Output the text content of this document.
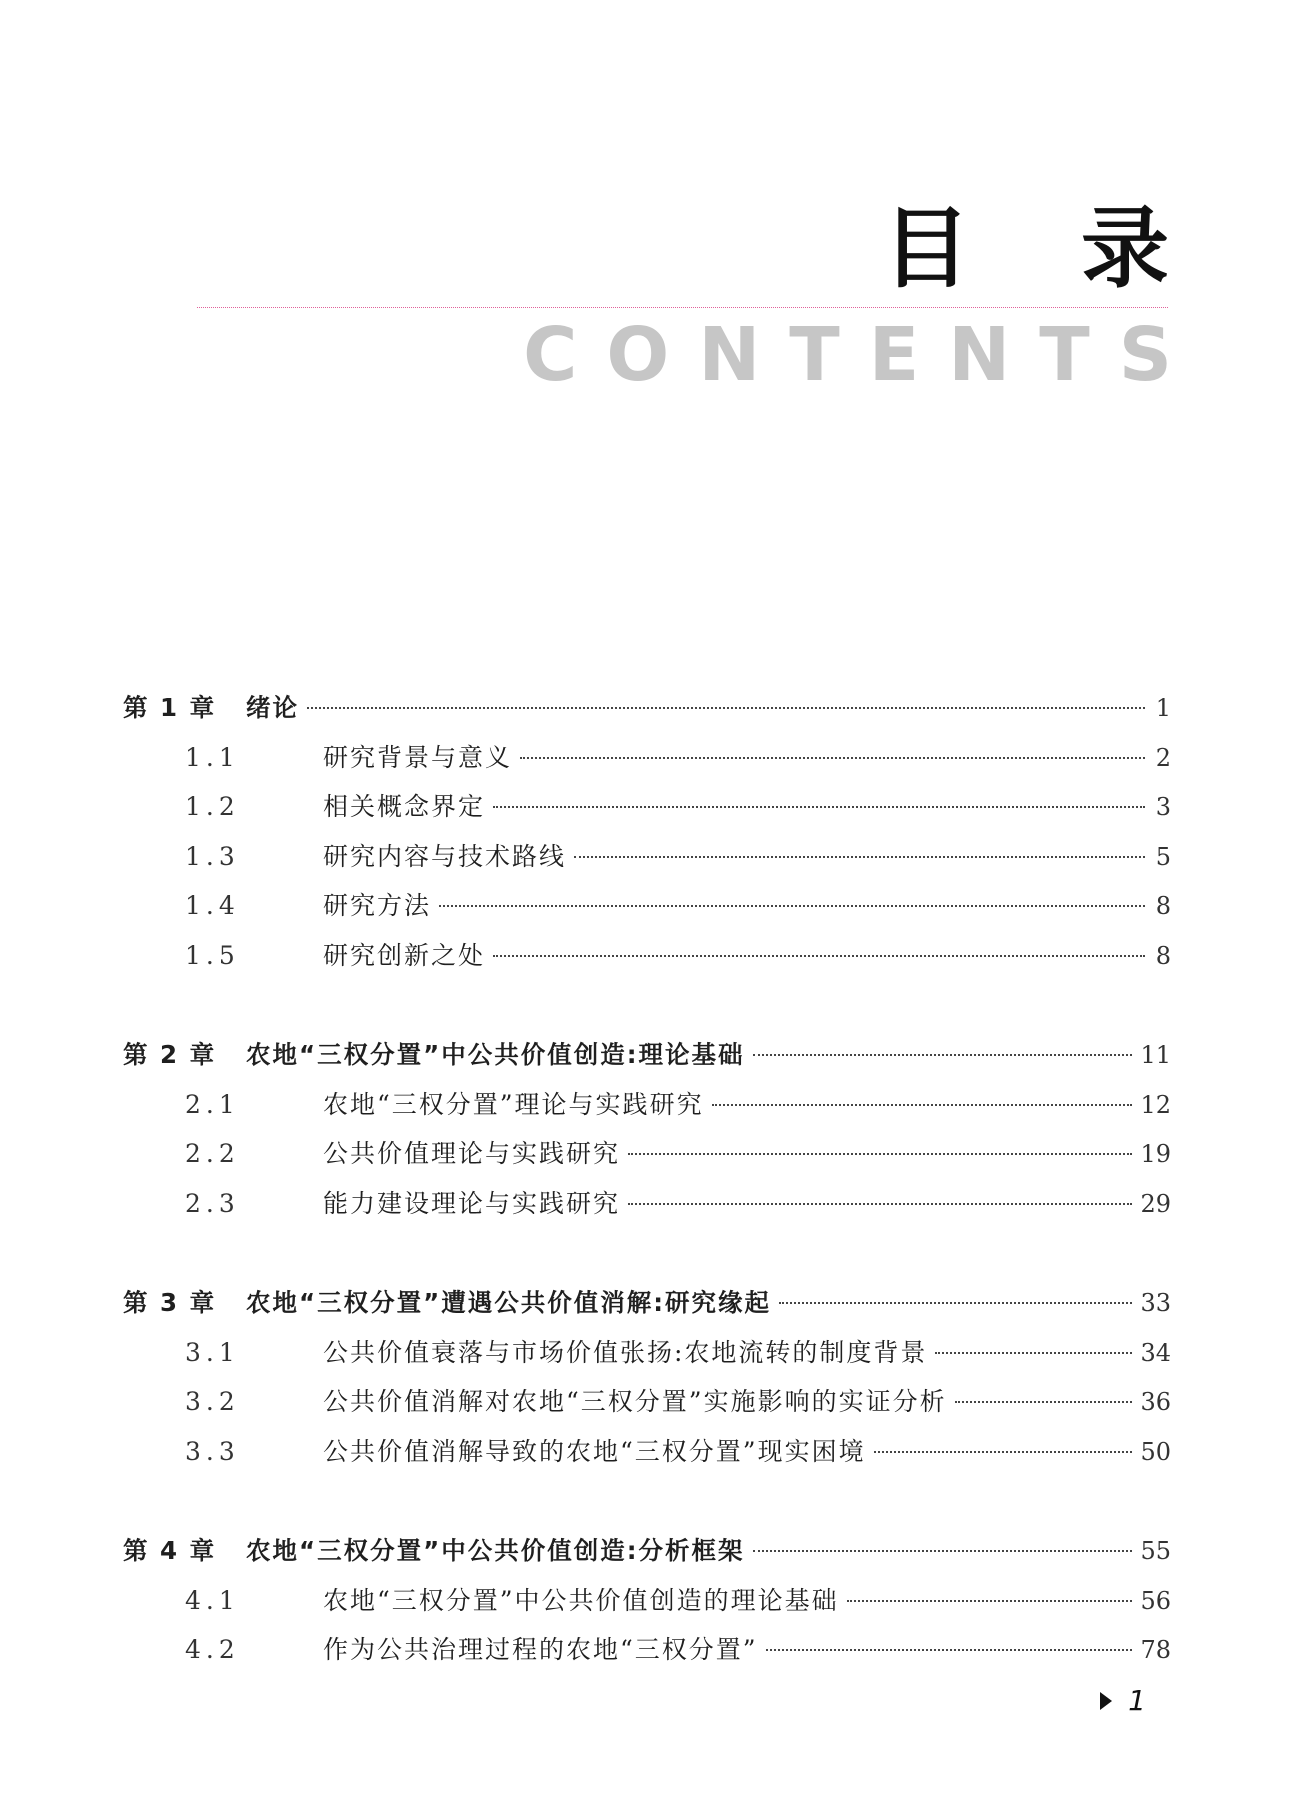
目 录
CONTENTS
第 1 章	绪论	1
1.1	研究背景与意义	2
1.2	相关概念界定	3
1.3	研究内容与技术路线	5
1.4	研究方法	8
1.5	研究创新之处	8
第 2 章	农地“三权分置”中公共价值创造:理论基础	11
2.1	农地“三权分置”理论与实践研究	12
2.2	公共价值理论与实践研究	19
2.3	能力建设理论与实践研究	29
第 3 章	农地“三权分置”遭遇公共价值消解:研究缘起	33
3.1	公共价值衰落与市场价值张扬:农地流转的制度背景	34
3.2	公共价值消解对农地“三权分置”实施影响的实证分析	36
3.3	公共价值消解导致的农地“三权分置”现实困境	50
第 4 章	农地“三权分置”中公共价值创造:分析框架	55
4.1	农地“三权分置”中公共价值创造的理论基础	56
4.2	作为公共治理过程的农地“三权分置”	78
1
